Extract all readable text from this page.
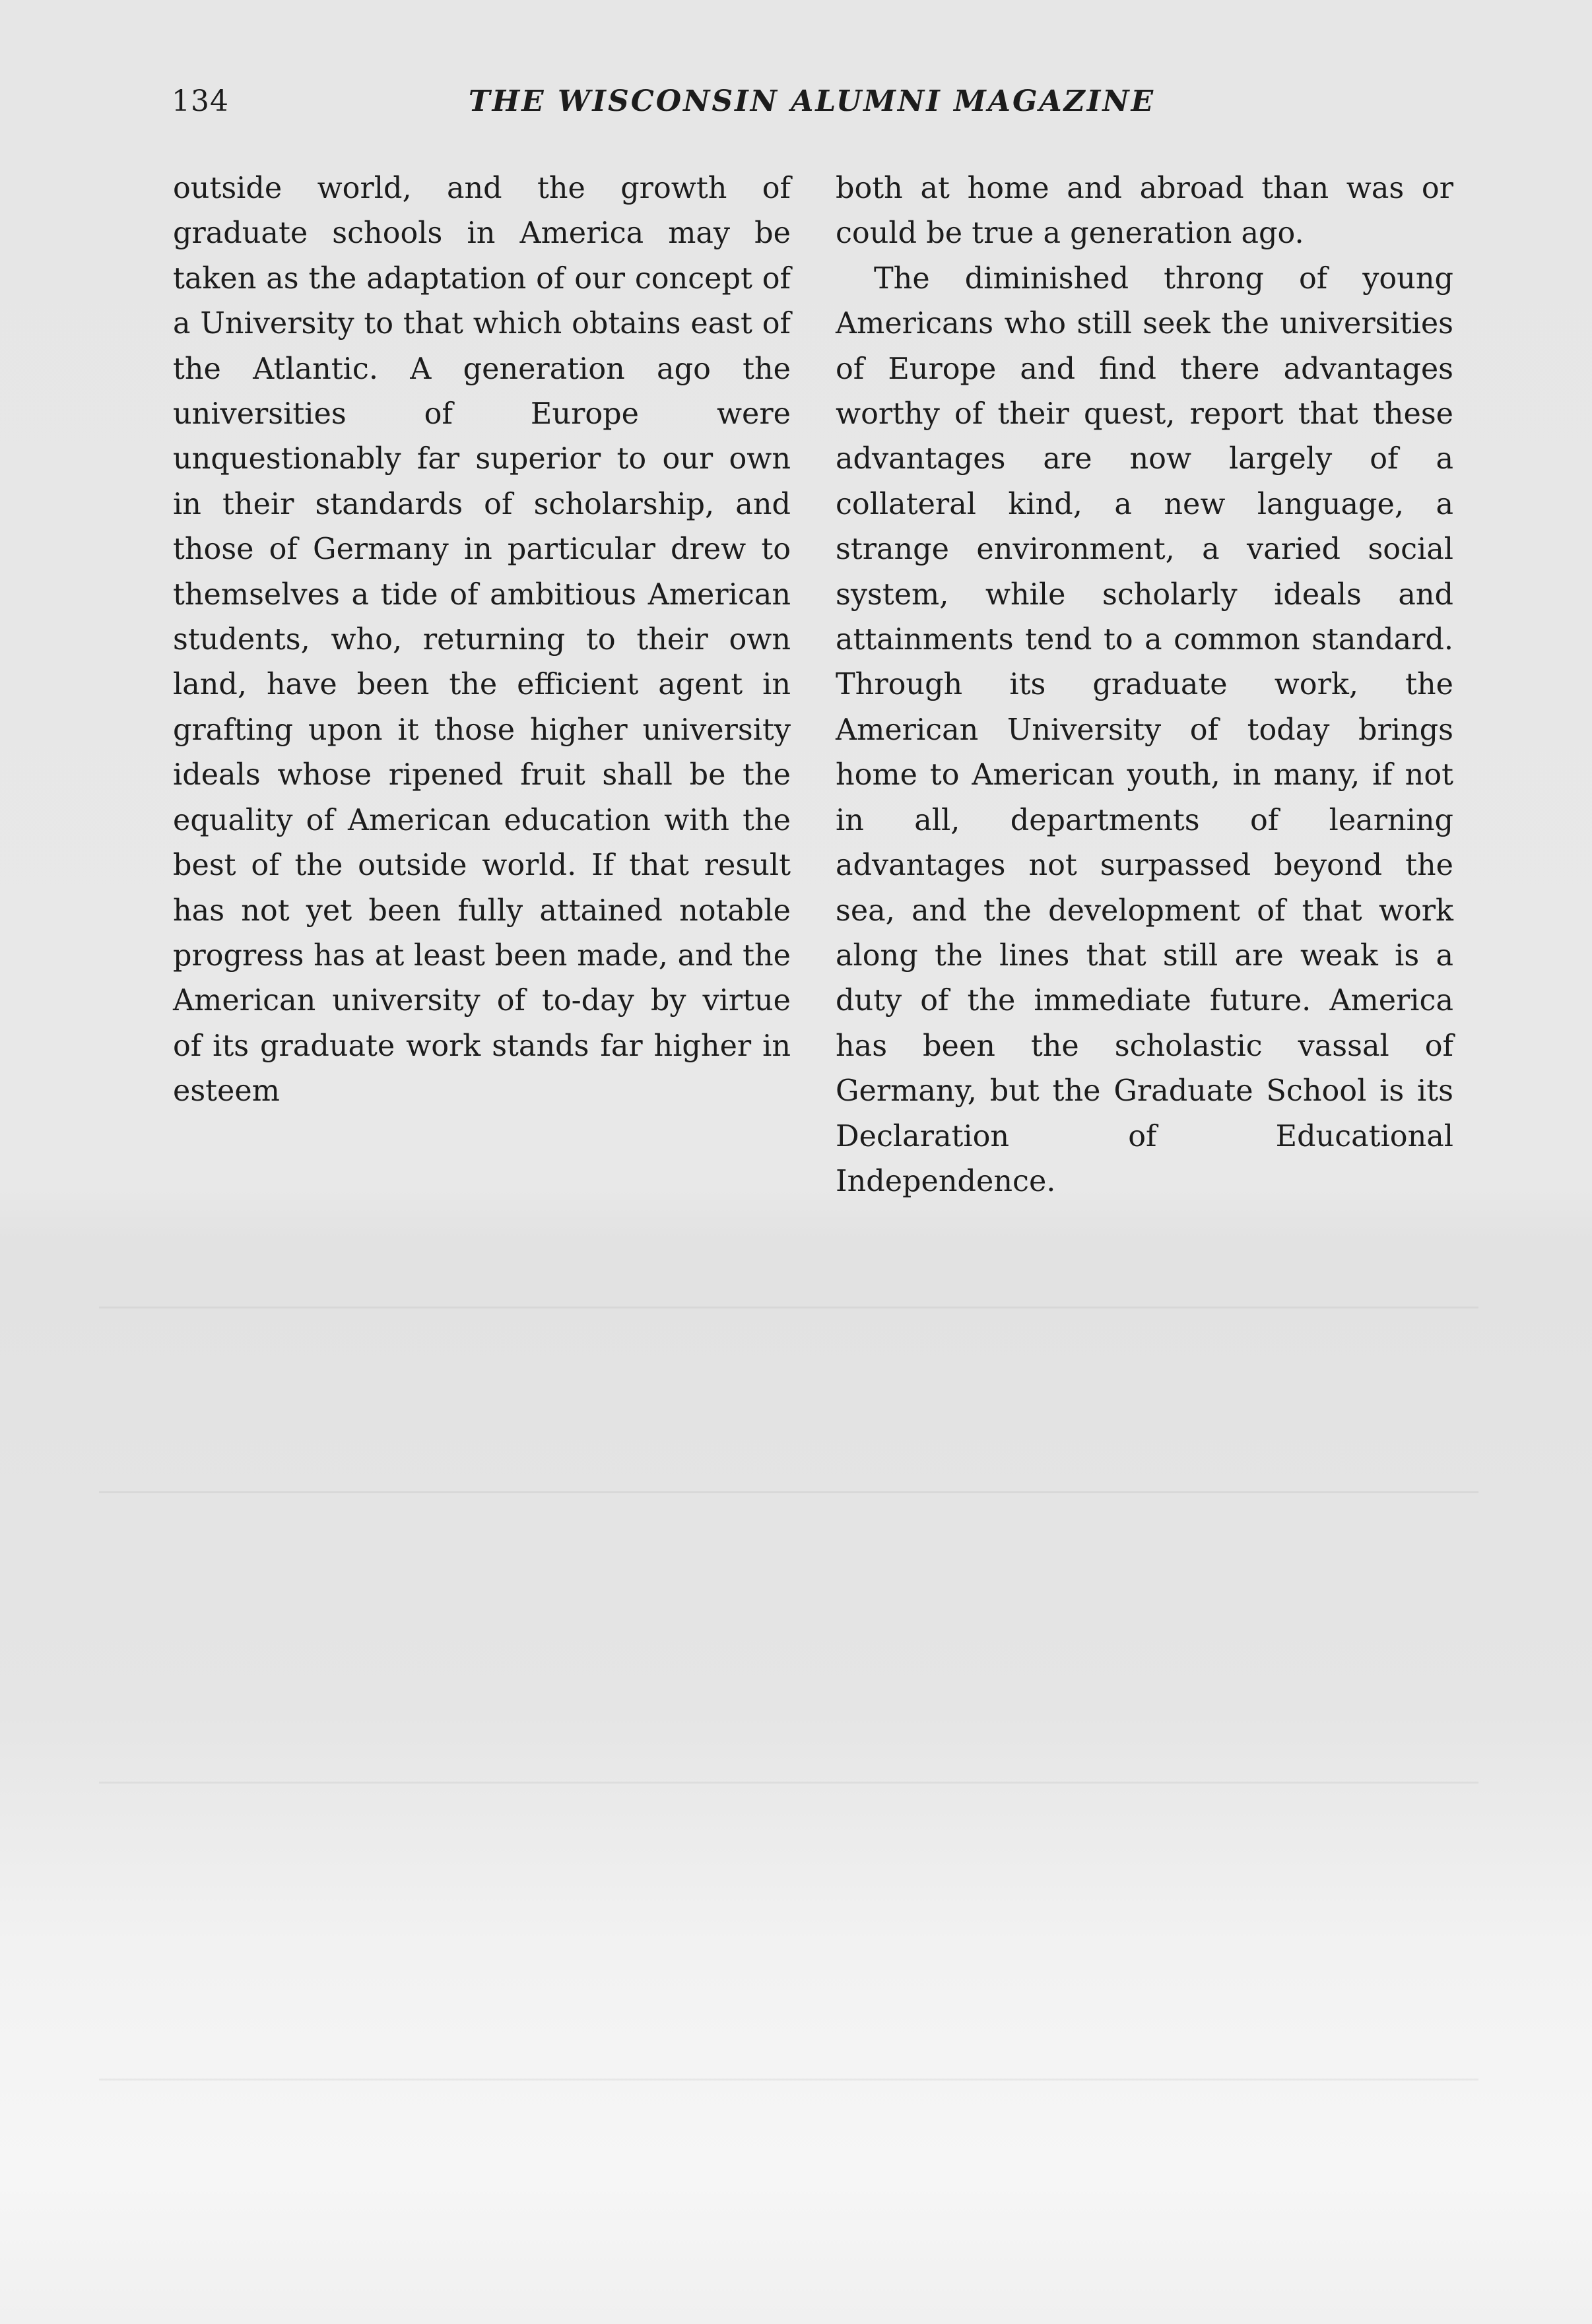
134	THE WISCONSIN ALUMNI MAGAZINE

outside world, and the growth of graduate schools in America may be taken as the adaptation of our concept of a University to that which obtains east of the Atlantic. A generation ago the universities of Europe were unquestionably far superior to our own in their standards of scholarship, and those of Germany in particular drew to themselves a tide of ambitious American students, who, returning to their own land, have been the efficient agent in grafting upon it those higher university ideals whose ripened fruit shall be the equality of American education with the best of the outside world. If that result has not yet been fully attained notable progress has at least been made, and the American university of to-day by virtue of its graduate work stands far higher in esteem

both at home and abroad than was or could be true a generation ago.

The diminished throng of young Americans who still seek the universities of Europe and find there advantages worthy of their quest, report that these advantages are now largely of a collateral kind, a new language, a strange environment, a varied social system, while scholarly ideals and attainments tend to a common standard. Through its graduate work, the American University of today brings home to American youth, in many, if not in all, departments of learning advantages not surpassed beyond the sea, and the development of that work along the lines that still are weak is a duty of the immediate future. America has been the scholastic vassal of Germany, but the Graduate School is its Declaration of Educational Independence.
